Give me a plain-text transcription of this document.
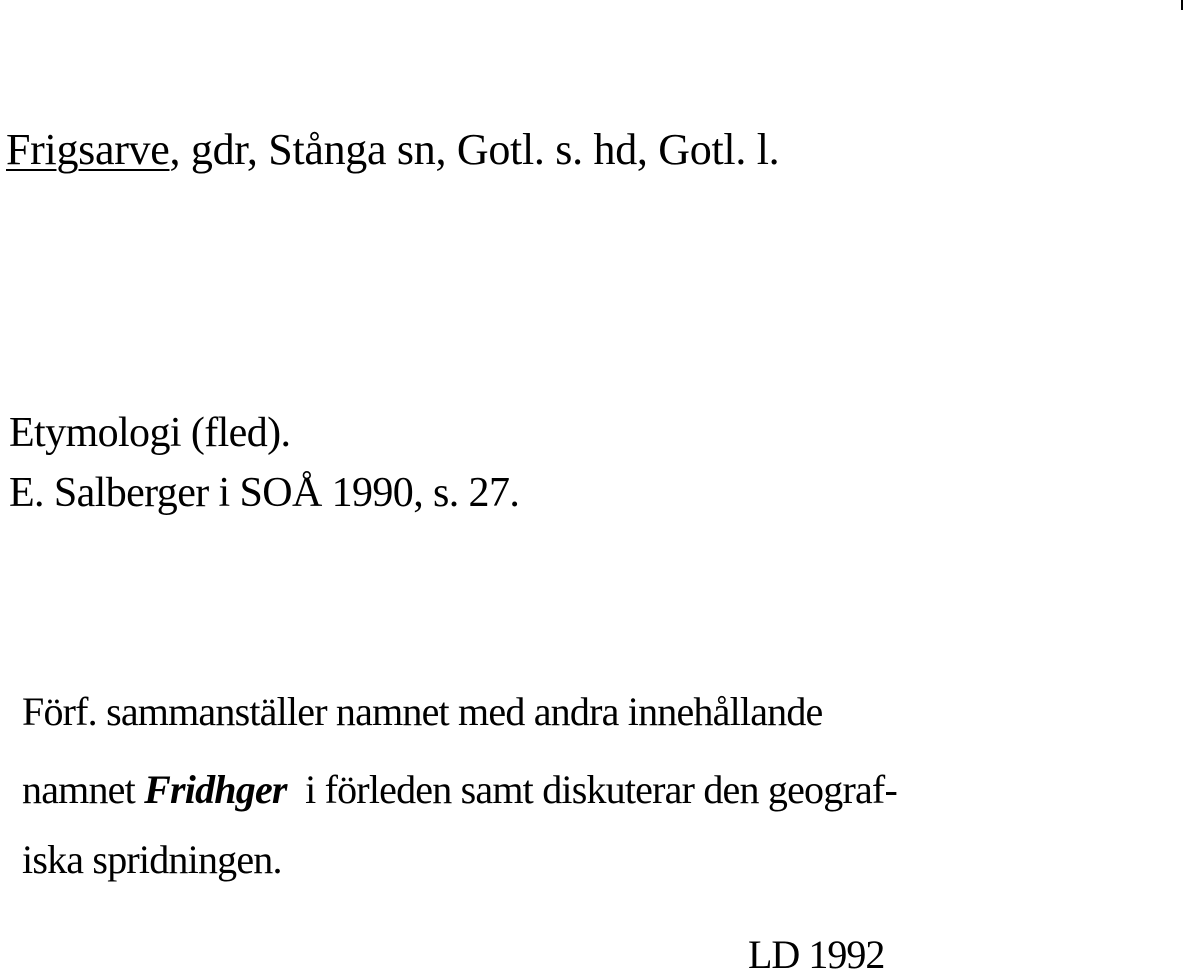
Frigsarve, gdr, Stånga sn, Gotl. s. hd, Gotl. l.
Etymologi (fled).
E. Salberger i SOÅ 1990, s. 27.
Förf. sammanställer namnet med andra innehållande
namnet Fridhger  i förleden samt diskuterar den geograf-
iska spridningen.
LD 1992
